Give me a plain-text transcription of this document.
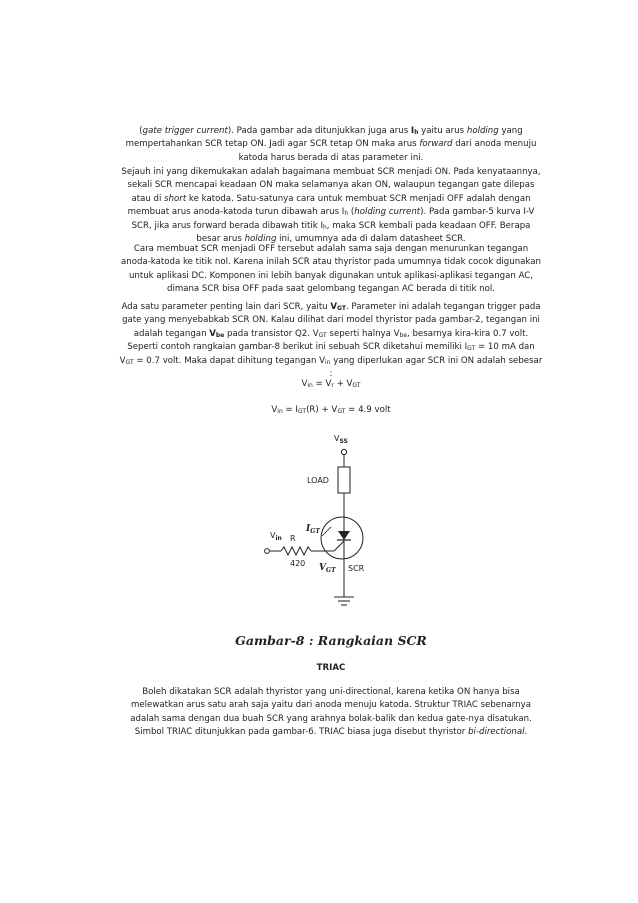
(gate trigger current). Pada gambar ada ditunjukkan juga arus $I_h$ yaitu arus holding yang
mempertahankan SCR tetap ON. Jadi agar SCR tetap ON maka arus forward dari anoda menuju
katoda harus berada di atas parameter ini.
Sejauh ini yang dikemukakan adalah bagaimana membuat SCR menjadi ON. Pada kenyataannya,
sekali SCR mencapai keadaan ON maka selamanya akan ON, walaupun tegangan gate dilepas
atau di short ke katoda. Satu-satunya cara untuk membuat SCR menjadi OFF adalah dengan
membuat arus anoda-katoda turun dibawah arus $I_h$ (holding current). Pada gambar-5 kurva I-V
SCR, jika arus forward berada dibawah titik $I_h$, maka SCR kembali pada keadaan OFF. Berapa
besar arus holding ini, umumnya ada di dalam datasheet SCR.
Cara membuat SCR menjadi OFF tersebut adalah sama saja dengan menurunkan tegangan
anoda-katoda ke titik nol. Karena inilah SCR atau thyristor pada umumnya tidak cocok digunakan
untuk aplikasi DC. Komponen ini lebih banyak digunakan untuk aplikasi-aplikasi tegangan AC,
dimana SCR bisa OFF pada saat gelombang tegangan AC berada di titik nol.
Ada satu parameter penting lain dari SCR, yaitu $V_{GT}$. Parameter ini adalah tegangan trigger pada
gate yang menyebabkab SCR ON. Kalau dilihat dari model thyristor pada gambar-2, tegangan ini
adalah tegangan $V_{be}$ pada transistor Q2. $V_{GT}$ seperti halnya $V_{be}$, besarnya kira-kira 0.7 volt.
Seperti contoh rangkaian gambar-8 berikut ini sebuah SCR diketahui memiliki $I_{GT} = 10$ mA dan
$V_{GT} = 0.7$ volt. Maka dapat dihitung tegangan $V_{in}$ yang diperlukan agar SCR ini ON adalah sebesar
:
$V_{in} = V_r + V_{GT}$
$V_{in} = I_{GT}(R) + V_{GT} = 4.9$ volt
$V_{SS}$
LOAD
$I_{GT}$
$V_{in}$ R
420 $V_{GT}$ SCR
Gambar-8 : Rangkaian SCR
TRIAC
Boleh dikatakan SCR adalah thyristor yang uni-directional, karena ketika ON hanya bisa
melewatkan arus satu arah saja yaitu dari anoda menuju katoda. Struktur TRIAC sebenarnya
adalah sama dengan dua buah SCR yang arahnya bolak-balik dan kedua gate-nya disatukan.
Simbol TRIAC ditunjukkan pada gambar-6. TRIAC biasa juga disebut thyristor bi-directional.
